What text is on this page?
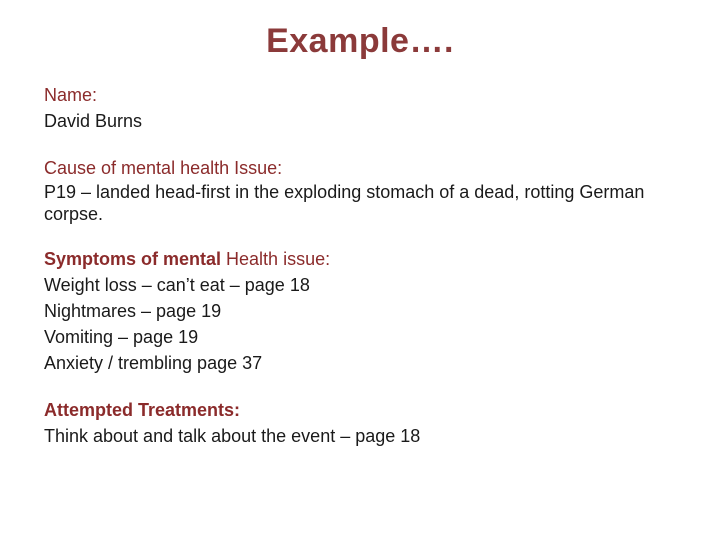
Example….
Name:
David Burns
Cause of mental health Issue:
P19 – landed head-first in the exploding stomach of a dead, rotting German corpse.
Symptoms of mental Health issue:
Weight loss – can’t eat – page 18
Nightmares – page 19
Vomiting – page 19
Anxiety / trembling page 37
Attempted Treatments:
Think about and talk about the event – page 18
